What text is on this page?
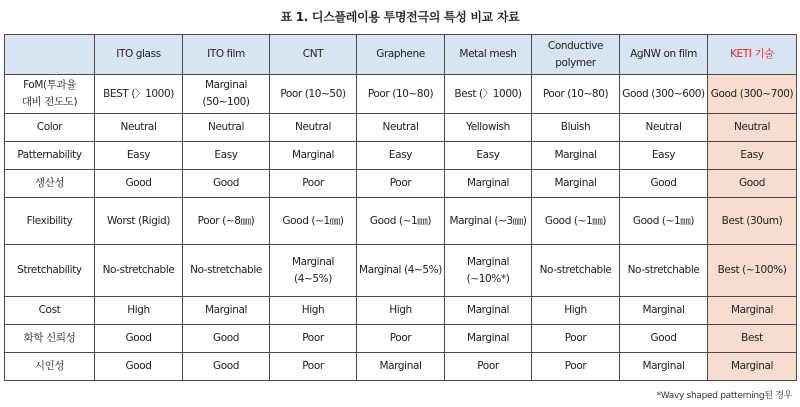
표 1. 디스플레이용 투명전극의 특성 비교 자료
	ITO glass	ITO film	CNT	Graphene	Metal mesh	Conductive polymer	AgNW on film	KETI 기술

FoM(투과율
대비 전도도)	BEST (〉1000)	Marginal (50~100)	Poor (10~50)	Poor (10~80)	Best (〉1000)	Poor (10~80)	Good (300~600)	Good (300~700)
Color	Neutral	Neutral	Neutral	Neutral	Yellowish	Bluish	Neutral	Neutral
Patternability	Easy	Easy	Marginal	Easy	Easy	Marginal	Easy	Easy
생산성	Good	Good	Poor	Poor	Marginal	Marginal	Good	Good
Flexibility	Worst (Rigid)	Poor (∼8㎜)	Good (∼1㎜)	Good (∼1㎜)	Marginal (∼3㎜)	Good (∼1㎜)	Good (∼1㎜)	Best (30um)
Stretchability	No-stretchable	No-stretchable	Marginal (4~5%)	Marginal (4~5%)	Marginal (∼10%*)	No-stretchable	No-stretchable	Best (~100%)
Cost	High	Marginal	High	High	Marginal	High	Marginal	Marginal
화학 신뢰성	Good	Good	Poor	Poor	Marginal	Poor	Good	Best
시인성	Good	Good	Poor	Marginal	Poor	Poor	Marginal	Marginal
*Wavy shaped patterning된 경우
